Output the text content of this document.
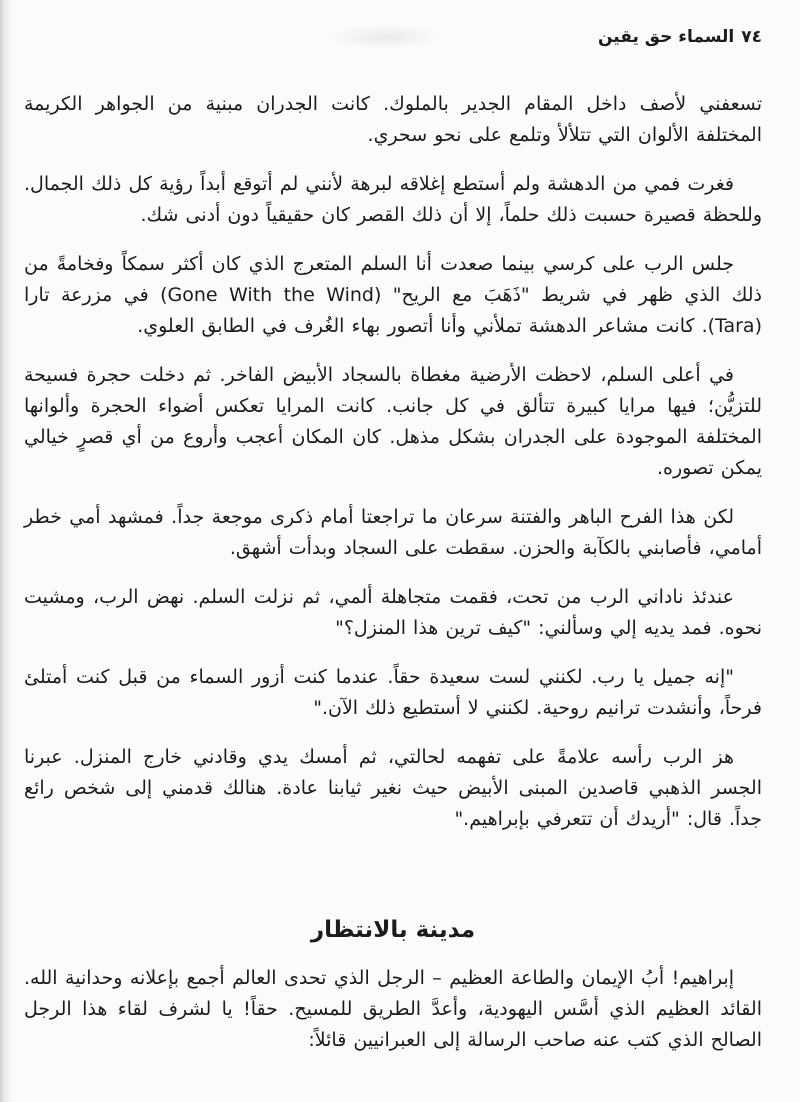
٧٤السماء حق يقين

تسعفني لأصف داخل المقام الجدير بالملوك. كانت الجدران مبنية من الجواهر الكريمة المختلفة الألوان التي تتلألأ وتلمع على نحو سحري.

فغرت فمي من الدهشة ولم أستطع إغلاقه لبرهة لأنني لم أتوقع أبداً رؤية كل ذلك الجمال. وللحظة قصيرة حسبت ذلك حلماً، إلا أن ذلك القصر كان حقيقياً دون أدنى شك.

جلس الرب على كرسي بينما صعدت أنا السلم المتعرج الذي كان أكثر سمكاً وفخامةً من ذلك الذي ظهر في شريط "ذَهَبَ مع الريح" (Gone With the Wind) في مزرعة تارا (Tara). كانت مشاعر الدهشة تملأني وأنا أتصور بهاء الغُرف في الطابق العلوي.

في أعلى السلم، لاحظت الأرضية مغطاة بالسجاد الأبيض الفاخر. ثم دخلت حجرة فسيحة للتزيُّن؛ فيها مرايا كبيرة تتألق في كل جانب. كانت المرايا تعكس أضواء الحجرة وألوانها المختلفة الموجودة على الجدران بشكل مذهل. كان المكان أعجب وأروع من أي قصرٍ خيالي يمكن تصوره.

لكن هذا الفرح الباهر والفتنة سرعان ما تراجعتا أمام ذكرى موجعة جداً. فمشهد أمي خطر أمامي، فأصابني بالكآبة والحزن. سقطت على السجاد وبدأت أشهق.

عندئذ ناداني الرب من تحت، فقمت متجاهلة ألمي، ثم نزلت السلم. نهض الرب، ومشيت نحوه. فمد يديه إلي وسألني: "كيف ترين هذا المنزل؟"

"إنه جميل يا رب. لكنني لست سعيدة حقاً. عندما كنت أزور السماء من قبل كنت أمتلئ فرحاً، وأنشدت ترانيم روحية. لكنني لا أستطيع ذلك الآن."

هز الرب رأسه علامةً على تفهمه لحالتي، ثم أمسك يدي وقادني خارج المنزل. عبرنا الجسر الذهبي قاصدين المبنى الأبيض حيث نغير ثيابنا عادة. هنالك قدمني إلى شخص رائع جداً. قال: "أريدك أن تتعرفي بإبراهيم."

مدينة بالانتظار

إبراهيم! أبُ الإيمان والطاعة العظيم – الرجل الذي تحدى العالم أجمع بإعلانه وحدانية الله. القائد العظيم الذي أسَّس اليهودية، وأعدَّ الطريق للمسيح. حقاً! يا لشرف لقاء هذا الرجل الصالح الذي كتب عنه صاحب الرسالة إلى العبرانيين قائلاً:
